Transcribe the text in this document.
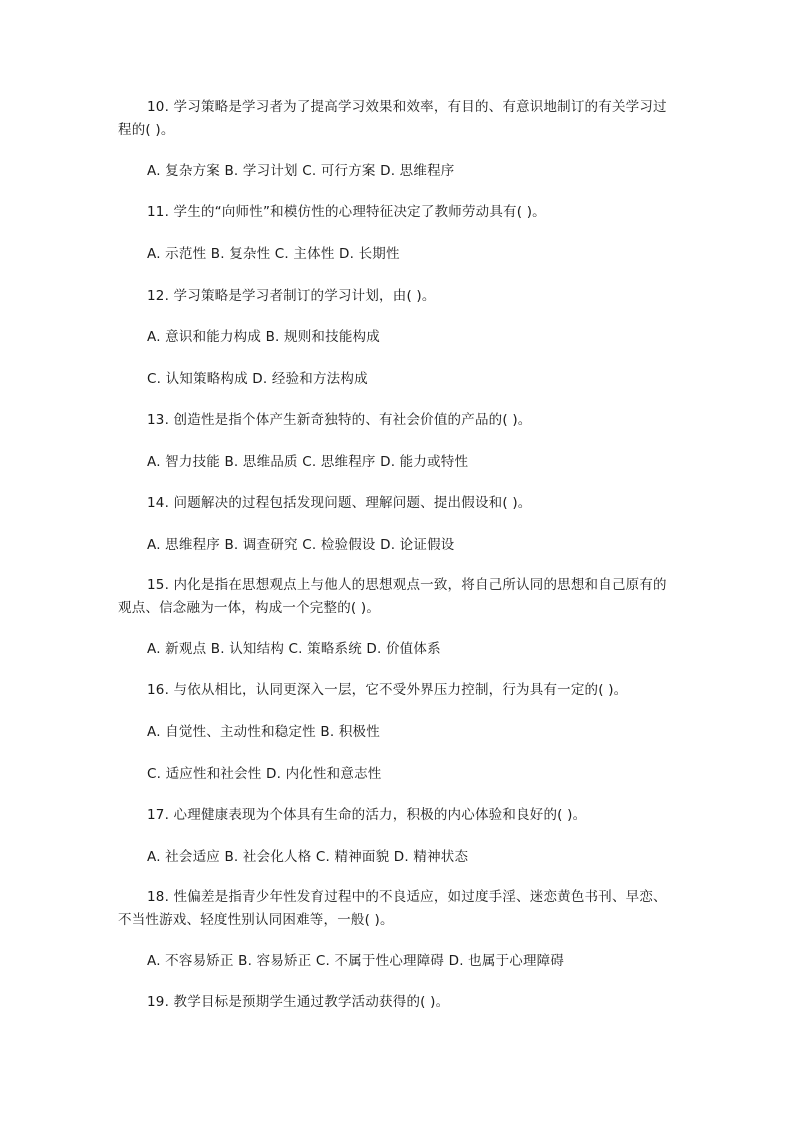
10. 学习策略是学习者为了提高学习效果和效率，有目的、有意识地制订的有关学习过程的( )。
A. 复杂方案 B. 学习计划 C. 可行方案 D. 思维程序
11. 学生的“向师性”和模仿性的心理特征决定了教师劳动具有( )。
A. 示范性 B. 复杂性 C. 主体性 D. 长期性
12. 学习策略是学习者制订的学习计划，由( )。
A. 意识和能力构成 B. 规则和技能构成
C. 认知策略构成 D. 经验和方法构成
13. 创造性是指个体产生新奇独特的、有社会价值的产品的( )。
A. 智力技能 B. 思维品质 C. 思维程序 D. 能力或特性
14. 问题解决的过程包括发现问题、理解问题、提出假设和( )。
A. 思维程序 B. 调查研究 C. 检验假设 D. 论证假设
15. 内化是指在思想观点上与他人的思想观点一致，将自己所认同的思想和自己原有的观点、信念融为一体，构成一个完整的( )。
A. 新观点 B. 认知结构 C. 策略系统 D. 价值体系
16. 与依从相比，认同更深入一层，它不受外界压力控制，行为具有一定的( )。
A. 自觉性、主动性和稳定性 B. 积极性
C. 适应性和社会性 D. 内化性和意志性
17. 心理健康表现为个体具有生命的活力，积极的内心体验和良好的( )。
A. 社会适应 B. 社会化人格 C. 精神面貌 D. 精神状态
18. 性偏差是指青少年性发育过程中的不良适应，如过度手淫、迷恋黄色书刊、早恋、不当性游戏、轻度性别认同困难等，一般( )。
A. 不容易矫正 B. 容易矫正 C. 不属于性心理障碍 D. 也属于心理障碍
19. 教学目标是预期学生通过教学活动获得的( )。
